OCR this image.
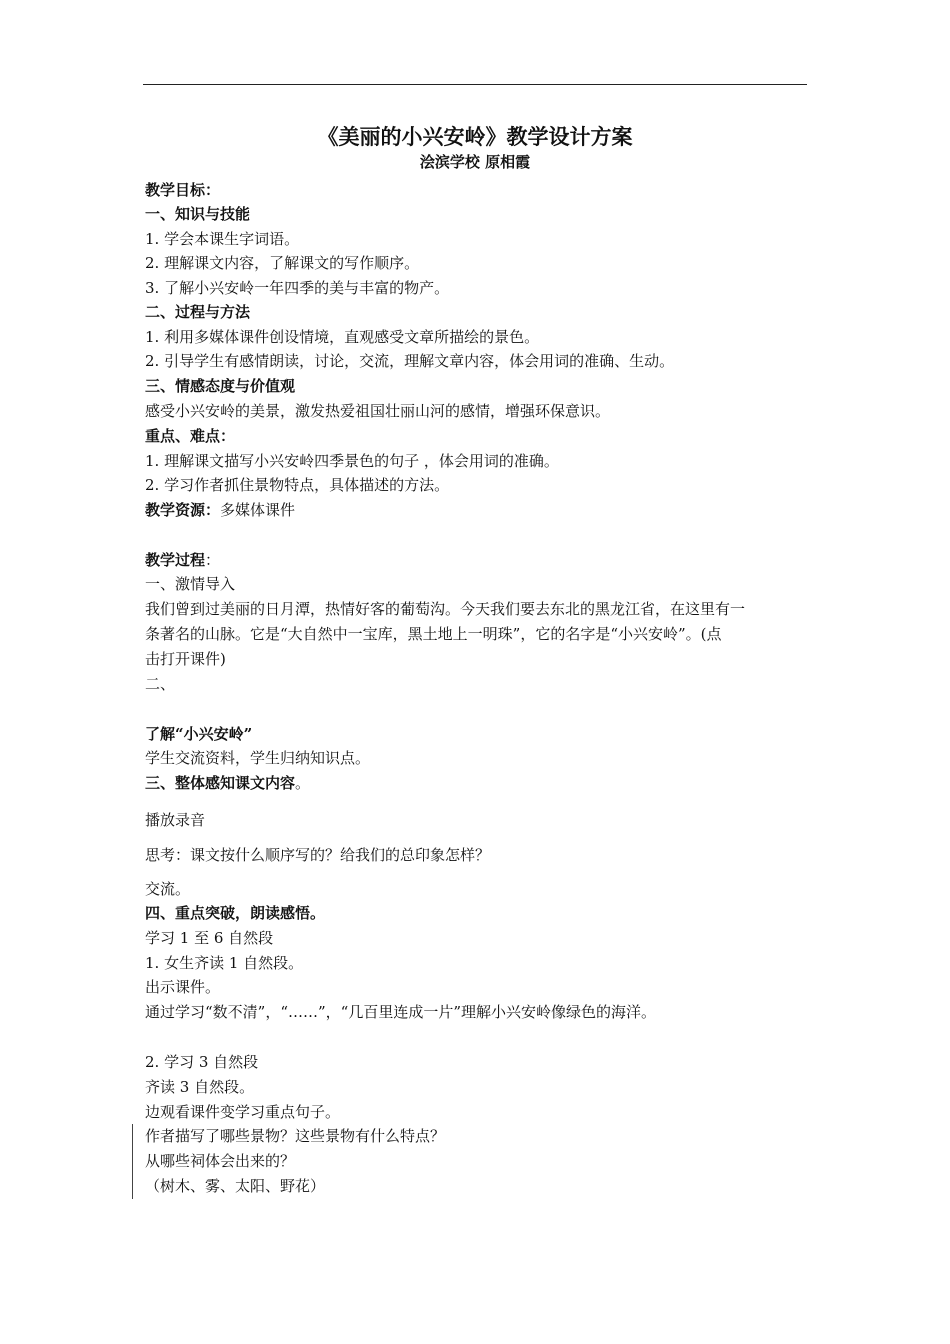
《美丽的小兴安岭》教学设计方案
浍滨学校 原相霞
教学目标：
一、知识与技能
1. 学会本课生字词语。
2. 理解课文内容，了解课文的写作顺序。
3. 了解小兴安岭一年四季的美与丰富的物产。
二、过程与方法
1. 利用多媒体课件创设情境，直观感受文章所描绘的景色。
2. 引导学生有感情朗读，讨论，交流，理解文章内容，体会用词的准确、生动。
三、情感态度与价值观
感受小兴安岭的美景，激发热爱祖国壮丽山河的感情，增强环保意识。
重点、难点：
1. 理解课文描写小兴安岭四季景色的句子 ，体会用词的准确。
2. 学习作者抓住景物特点，具体描述的方法。
教学资源：多媒体课件
教学过程：
一、激情导入
我们曾到过美丽的日月潭，热情好客的葡萄沟。今天我们要去东北的黑龙江省，在这里有一
条著名的山脉。它是“大自然中一宝库，黑土地上一明珠”，它的名字是“小兴安岭”。(点
击打开课件)
二、
了解“小兴安岭”
学生交流资料，学生归纳知识点。
三、整体感知课文内容。
播放录音
思考：课文按什么顺序写的？给我们的总印象怎样？
交流。
四、重点突破，朗读感悟。
学习 1 至 6 自然段
1. 女生齐读 1 自然段。
出示课件。
通过学习“数不清”，“……”，“几百里连成一片”理解小兴安岭像绿色的海洋。
2. 学习 3 自然段
齐读 3 自然段。
边观看课件变学习重点句子。
作者描写了哪些景物？这些景物有什么特点？
从哪些祠体会出来的？
（树木、雾、太阳、野花）
